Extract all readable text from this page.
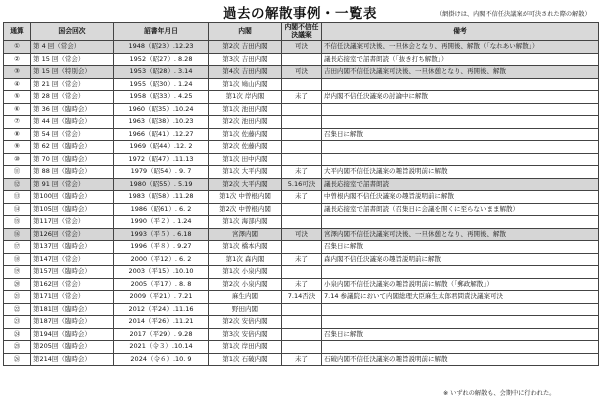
過去の解散事例・一覧表	（網掛けは、内閣不信任決議案が可決された際の解散）
通算	国会回次	詔書年月日	内閣	内閣不信任決議案	備考
①	第 4 回（常会）	1948（昭23）.12.23	第2次 吉田内閣	可決	不信任決議案可決後、一旦休会となり、再開後、解散（「なれあい解散」）
②	第 15 回（常会）	1952（昭27）. 8.28	第3次 吉田内閣		議長応接室で詔書朗読（「抜き打ち解散」）
③	第 15 回（特別会）	1953（昭28）. 3.14	第4次 吉田内閣	可決	吉田内閣不信任決議案可決後、一旦休憩となり、再開後、解散
④	第 21 回（常会）	1955（昭30）. 1.24	第1次 鳩山内閣		
⑤	第 28 回（常会）	1958（昭33）. 4.25	第1次 岸内閣	未了	岸内閣不信任決議案の討論中に解散
⑥	第 36 回（臨時会）	1960（昭35）.10.24	第1次 池田内閣		
⑦	第 44 回（臨時会）	1963（昭38）.10.23	第2次 池田内閣		
⑧	第 54 回（常会）	1966（昭41）.12.27	第1次 佐藤内閣		召集日に解散
⑨	第 62 回（臨時会）	1969（昭44）.12. 2	第2次 佐藤内閣		
⑩	第 70 回（臨時会）	1972（昭47）.11.13	第1次 田中内閣		
⑪	第 88 回（臨時会）	1979（昭54）. 9. 7	第1次 大平内閣	未了	大平内閣不信任決議案の趣旨説明前に解散
⑫	第 91 回（常会）	1980（昭55）. 5.19	第2次 大平内閣	5.16可決	議長応接室で詔書朗読
⑬	第100回（臨時会）	1983（昭58）.11.28	第1次 中曽根内閣	未了	中曽根内閣不信任決議案の趣旨説明前に解散
⑭	第105回（臨時会）	1986（昭61）. 6. 2	第2次 中曽根内閣		議長応接室で詔書朗読（召集日に会議を開くに至らないまま解散）
⑮	第117回（常会）	1990（平２）. 1.24	第1次 海部内閣		
⑯	第126回（常会）	1993（平５）. 6.18	宮澤内閣	可決	宮澤内閣不信任決議案可決後、一旦休憩となり、再開後、解散
⑰	第137回（臨時会）	1996（平８）. 9.27	第1次 橋本内閣		召集日に解散
⑱	第147回（常会）	2000（平12）. 6. 2	第1次 森内閣	未了	森内閣不信任決議案の趣旨説明前に解散
⑲	第157回（臨時会）	2003（平15）.10.10	第1次 小泉内閣		
⑳	第162回（常会）	2005（平17）. 8. 8	第2次 小泉内閣	未了	小泉内閣不信任決議案の趣旨説明前に解散（「郵政解散」）
㉑	第171回（常会）	2009（平21）. 7.21	麻生内閣	7.14否決	7.14 参議院において内閣総理大臣麻生太郎君問責決議案可決
㉒	第181回（臨時会）	2012（平24）.11.16	野田内閣		
㉓	第187回（臨時会）	2014（平26）.11.21	第2次 安倍内閣		
㉔	第194回（臨時会）	2017（平29）. 9.28	第3次 安倍内閣		召集日に解散
㉕	第205回（臨時会）	2021（令３）.10.14	第1次 岸田内閣		
㉖	第214回（臨時会）	2024（令６）.10. 9	第1次 石破内閣	未了	石破内閣不信任決議案の趣旨説明前に解散
※ いずれの解散も、会期中に行われた。
